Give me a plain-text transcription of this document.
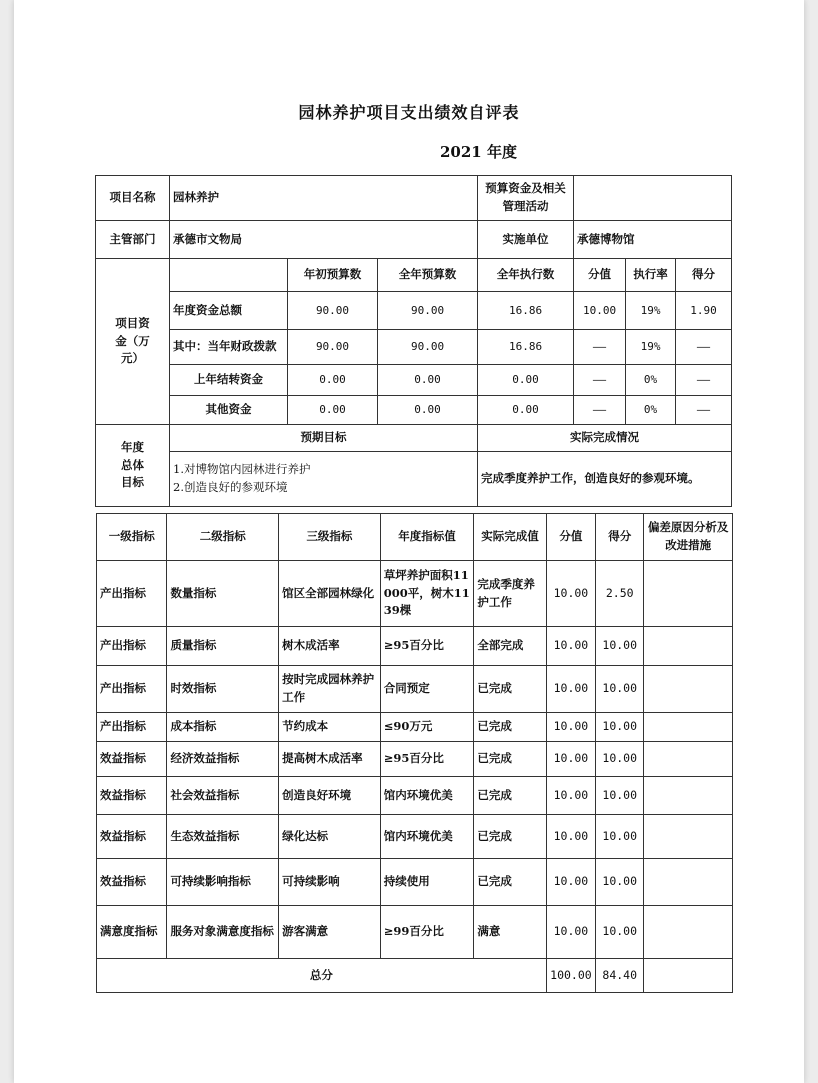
园林养护项目支出绩效自评表
2021 年度
项目名称	园林养护			预算资金及相关管理活动			
主管部门	承德市文物局			实施单位	承德博物馆		
项目资金（万元）		年初预算数	全年预算数	全年执行数	分值	执行率	得分
	年度资金总额	90.00	90.00	16.86	10.00	19%	1.90
	其中：当年财政拨款	90.00	90.00	16.86	——	19%	——
	上年结转资金	0.00	0.00	0.00	——	0%	——
	其他资金	0.00	0.00	0.00	——	0%	——
年度总体目标	预期目标			实际完成情况			

	1.对博物馆内园林进行养护
2.创造良好的参观环境			完成季度养护工作，创造良好的参观环境。			
一级指标	二级指标	三级指标	年度指标值	实际完成值	分值	得分	偏差原因分析及改进措施
产出指标	数量指标	馆区全部园林绿化	草坪养护面积11000平，树木1139棵	完成季度养护工作	10.00	2.50	
产出指标	质量指标	树木成活率	≥95百分比	全部完成	10.00	10.00	
产出指标	时效指标	按时完成园林养护工作	合同预定	已完成	10.00	10.00	
产出指标	成本指标	节约成本	≤90万元	已完成	10.00	10.00	
效益指标	经济效益指标	提高树木成活率	≥95百分比	已完成	10.00	10.00	
效益指标	社会效益指标	创造良好环境	馆内环境优美	已完成	10.00	10.00	
效益指标	生态效益指标	绿化达标	馆内环境优美	已完成	10.00	10.00	
效益指标	可持续影响指标	可持续影响	持续使用	已完成	10.00	10.00	
满意度指标	服务对象满意度指标	游客满意	≥99百分比	满意	10.00	10.00	
总分					100.00	84.40	
